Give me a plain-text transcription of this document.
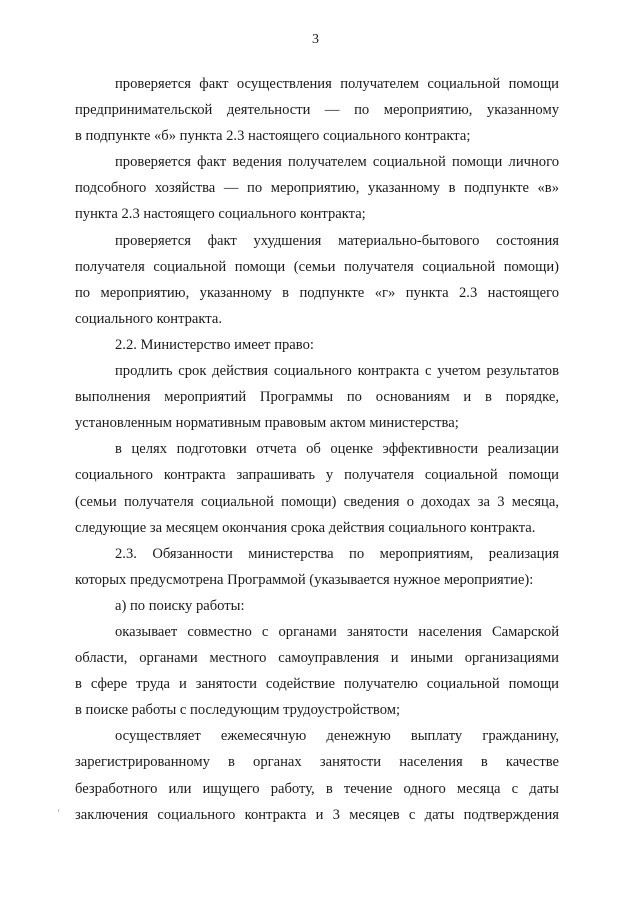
3
проверяется факт осуществления получателем социальной помощи
предпринимательской деятельности — по мероприятию, указанному
в подпункте «б» пункта 2.3 настоящего социального контракта;
проверяется факт ведения получателем социальной помощи личного
подсобного хозяйства — по мероприятию, указанному в подпункте «в»
пункта 2.3 настоящего социального контракта;
проверяется факт ухудшения материально-бытового состояния
получателя социальной помощи (семьи получателя социальной помощи)
по мероприятию, указанному в подпункте «г» пункта 2.3 настоящего
социального контракта.
2.2. Министерство имеет право:
продлить срок действия социального контракта с учетом результатов
выполнения мероприятий Программы по основаниям и в порядке,
установленным нормативным правовым актом министерства;
в целях подготовки отчета об оценке эффективности реализации
социального контракта запрашивать у получателя социальной помощи
(семьи получателя социальной помощи) сведения о доходах за 3 месяца,
следующие за месяцем окончания срока действия социального контракта.
2.3. Обязанности министерства по мероприятиям, реализация
которых предусмотрена Программой (указывается нужное мероприятие):
а) по поиску работы:
оказывает совместно с органами занятости населения Самарской
области, органами местного самоуправления и иными организациями
в сфере труда и занятости содействие получателю социальной помощи
в поиске работы с последующим трудоустройством;
осуществляет ежемесячную денежную выплату гражданину,
зарегистрированному в органах занятости населения в качестве
безработного или ищущего работу, в течение одного месяца с даты
заключения социального контракта и 3 месяцев с даты подтверждения
'
